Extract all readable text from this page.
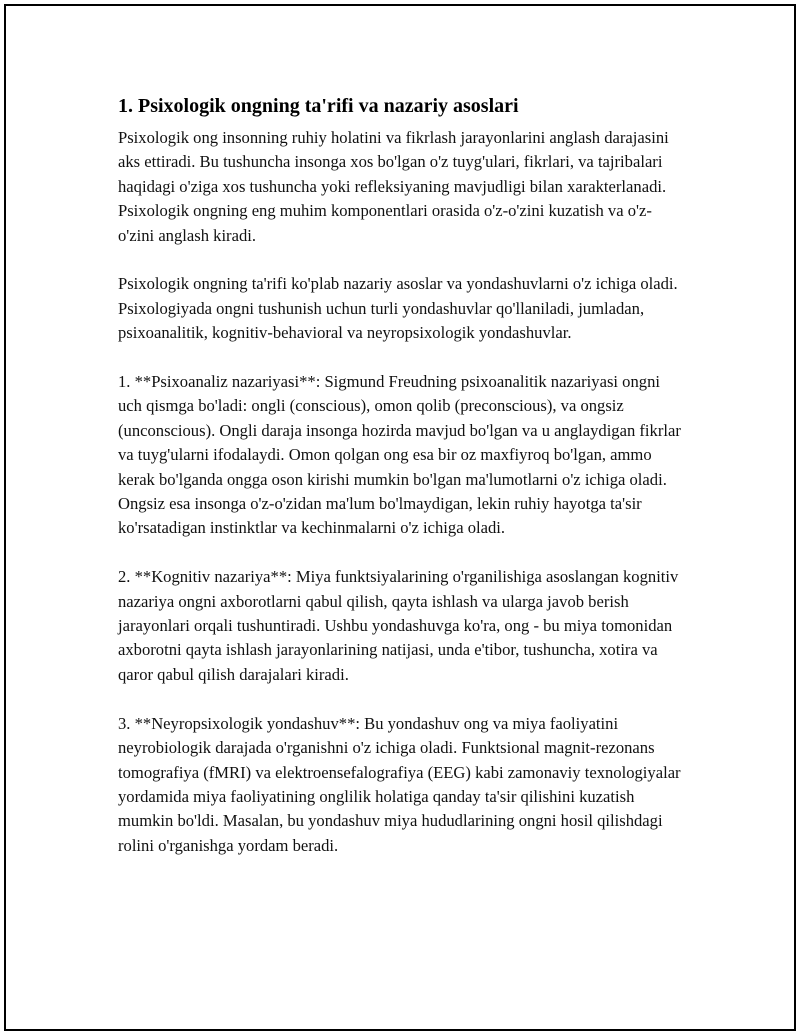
1. Psixologik ongning ta'rifi va nazariy asoslari

Psixologik ong insonning ruhiy holatini va fikrlash jarayonlarini anglash darajasini aks ettiradi. Bu tushuncha insonga xos bo'lgan o'z tuyg'ulari, fikrlari, va tajribalari haqidagi o'ziga xos tushuncha yoki refleksiyaning mavjudligi bilan xarakterlanadi. Psixologik ongning eng muhim komponentlari orasida o'z-o'zini kuzatish va o'z-o'zini anglash kiradi.

Psixologik ongning ta'rifi ko'plab nazariy asoslar va yondashuvlarni o'z ichiga oladi. Psixologiyada ongni tushunish uchun turli yondashuvlar qo'llaniladi, jumladan, psixoanalitik, kognitiv-behavioral va neyropsixologik yondashuvlar.

1. **Psixoanaliz nazariyasi**: Sigmund Freudning psixoanalitik nazariyasi ongni uch qismga bo'ladi: ongli (conscious), omon qolib (preconscious), va ongsiz (unconscious). Ongli daraja insonga hozirda mavjud bo'lgan va u anglaydigan fikrlar va tuyg'ularni ifodalaydi. Omon qolgan ong esa bir oz maxfiyroq bo'lgan, ammo kerak bo'lganda ongga oson kirishi mumkin bo'lgan ma'lumotlarni o'z ichiga oladi. Ongsiz esa insonga o'z-o'zidan ma'lum bo'lmaydigan, lekin ruhiy hayotga ta'sir ko'rsatadigan instinktlar va kechinmalarni o'z ichiga oladi.

2. **Kognitiv nazariya**: Miya funktsiyalarining o'rganilishiga asoslangan kognitiv nazariya ongni axborotlarni qabul qilish, qayta ishlash va ularga javob berish jarayonlari orqali tushuntiradi. Ushbu yondashuvga ko'ra, ong - bu miya tomonidan axborotni qayta ishlash jarayonlarining natijasi, unda e'tibor, tushuncha, xotira va qaror qabul qilish darajalari kiradi.

3. **Neyropsixologik yondashuv**: Bu yondashuv ong va miya faoliyatini neyrobiologik darajada o'rganishni o'z ichiga oladi. Funktsional magnit-rezonans tomografiya (fMRI) va elektroensefalografiya (EEG) kabi zamonaviy texnologiyalar yordamida miya faoliyatining onglilik holatiga qanday ta'sir qilishini kuzatish mumkin bo'ldi. Masalan, bu yondashuv miya hududlarining ongni hosil qilishdagi rolini o'rganishga yordam beradi.
